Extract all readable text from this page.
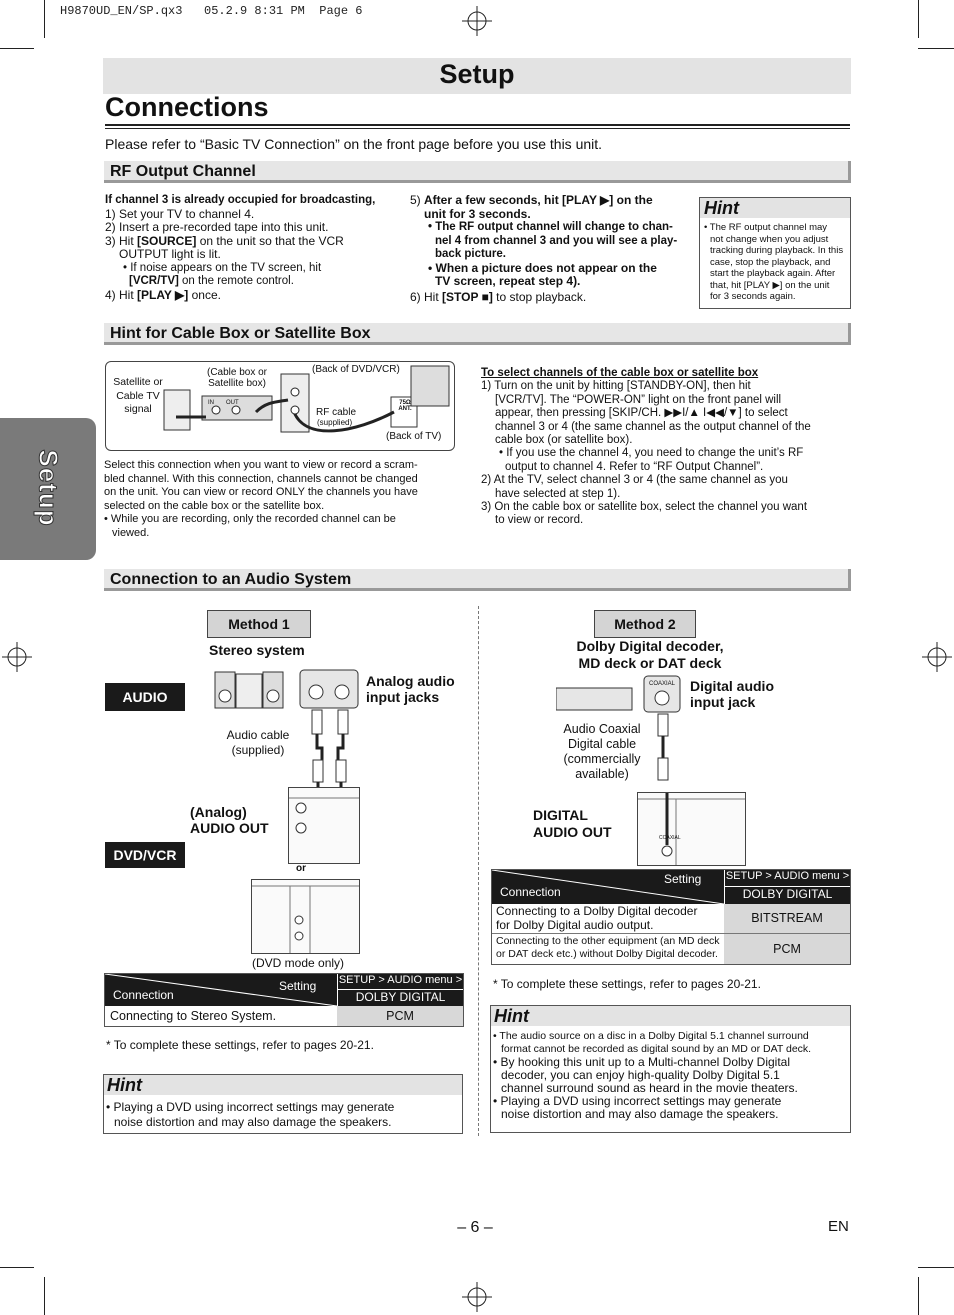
H9870UD_EN/SP.qx3   05.2.9 8:31 PM  Page 6
Setup
Setup
Connections
Please refer to “Basic TV Connection” on the front page before you use this unit.
RF Output Channel
If channel 3 is already occupied for broadcasting,
1) Set your TV to channel 4.
2) Insert a pre-recorded tape into this unit.
3) Hit [SOURCE] on the unit so that the VCR
OUTPUT light is lit.
• If noise appears on the TV screen, hit
[VCR/TV] on the remote control.
4) Hit [PLAY ▶] once.
5) After a few seconds, hit [PLAY ▶] on the
unit for 3 seconds.
• The RF output channel will change to chan-
nel 4 from channel 3 and you will see a play-
back picture.
• When a picture does not appear on the
TV screen, repeat step 4).
6) Hit [STOP ■] to stop playback.
Hint
• The RF output channel may
not change when you adjust
tracking during playback. In this
case, stop the playback, and
start the playback again. After
that, hit [PLAY ▶] on the unit
for 3 seconds again.
Hint for Cable Box or Satellite Box
Satellite or
Cable TV
signal
(Cable box or
Satellite box)
IN OUT
(Back of DVD/VCR)
RF cable
(supplied)
75Ω ANT.
(Back of TV)
Select this connection when you want to view or record a scram-
bled channel. With this connection, channels cannot be changed
on the unit. You can view or record ONLY the channels you have
selected on the cable box or the satellite box.
• While you are recording, only the recorded channel can be
viewed.
To select channels of the cable box or satellite box
1) Turn on the unit by hitting [STANDBY-ON], then hit
[VCR/TV]. The “POWER-ON” light on the front panel will
appear, then pressing [SKIP/CH. ▶▶I/▲ I◀◀/▼] to select
channel 3 or 4 (the same channel as the output channel of the
cable box (or satellite box).
• If you use the channel 4, you need to change the unit’s RF
output to channel 4. Refer to “RF Output Channel”.
2) At the TV, select channel 3 or 4 (the same channel as you
have selected at step 1).
3) On the cable box or satellite box, select the channel you want
to view or record.
Connection to an Audio System
Method 1
Stereo system
AUDIO
DVD/VCR
Analog audio
input jacks
Audio cable
(supplied)
(Analog)
AUDIO OUT
or
(DVD mode only)
Setting
Connection
SETUP > AUDIO menu >
DOLBY DIGITAL
Connecting to Stereo System.	PCM
* To complete these settings, refer to pages 20-21.
Hint
• Playing a DVD using incorrect settings may generate
noise distortion and may also damage the speakers.
Method 2
Dolby Digital decoder,
MD deck or DAT deck
COAXIAL Digital audio
input jack
Audio Coaxial
Digital cable
(commercially
available)
DIGITAL
AUDIO OUT	COAXIAL
Setting
Connection
SETUP > AUDIO menu >
DOLBY DIGITAL
Connecting to a Dolby Digital decoder
for Dolby Digital audio output.	BITSTREAM
Connecting to the other equipment (an MD deck
or DAT deck etc.) without Dolby Digital decoder.	PCM
* To complete these settings, refer to pages 20-21.
Hint
• The audio source on a disc in a Dolby Digital 5.1 channel surround
format cannot be recorded as digital sound by an MD or DAT deck.
• By hooking this unit up to a Multi-channel Dolby Digital
decoder, you can enjoy high-quality Dolby Digital 5.1
channel surround sound as heard in the movie theaters.
• Playing a DVD using incorrect settings may generate
noise distortion and may also damage the speakers.
– 6 –	EN
